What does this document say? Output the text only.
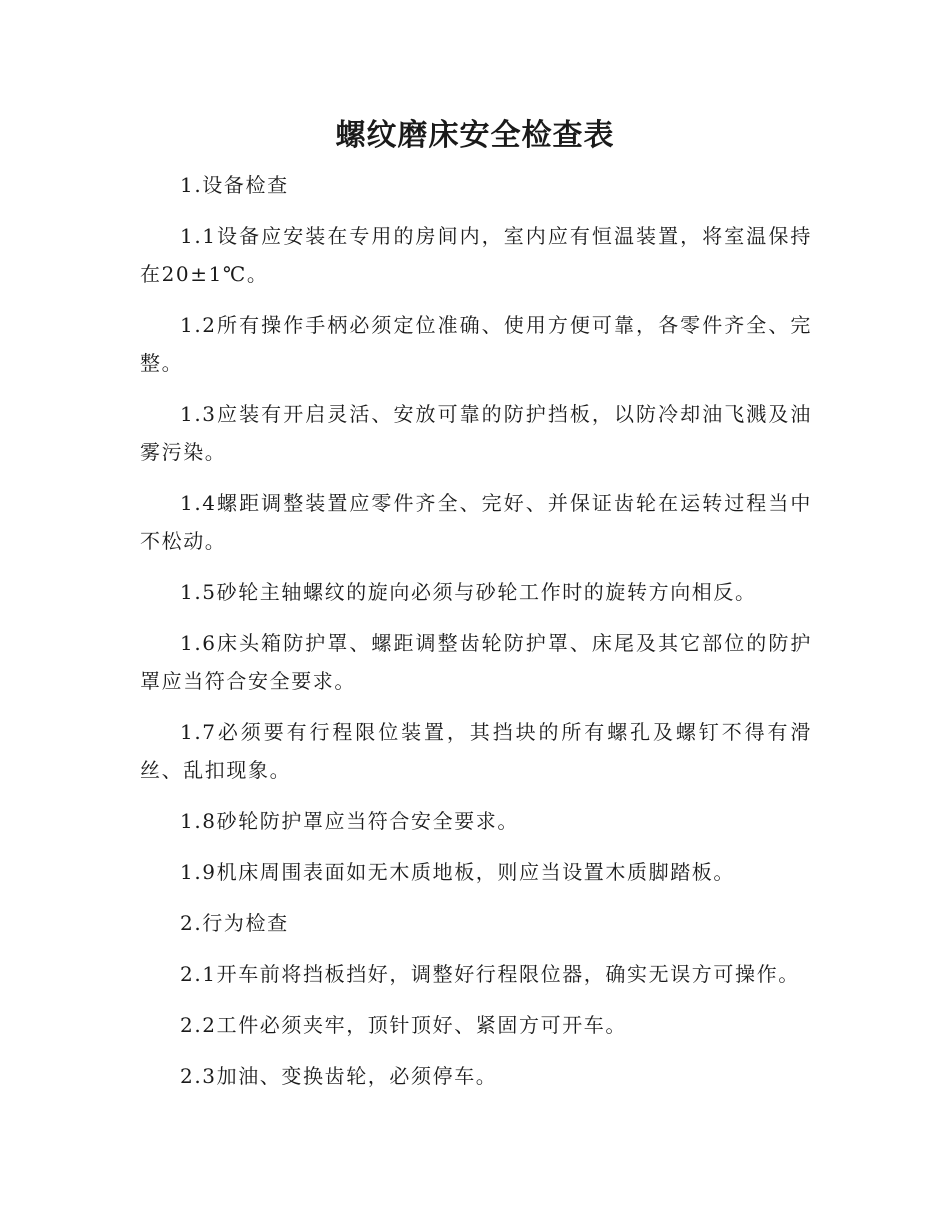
螺纹磨床安全检查表

1.设备检查

1.1设备应安装在专用的房间内，室内应有恒温装置，将室温保持在20±1℃。

1.2所有操作手柄必须定位准确、使用方便可靠，各零件齐全、完整。

1.3应装有开启灵活、安放可靠的防护挡板，以防冷却油飞溅及油雾污染。

1.4螺距调整装置应零件齐全、完好、并保证齿轮在运转过程当中不松动。

1.5砂轮主轴螺纹的旋向必须与砂轮工作时的旋转方向相反。

1.6床头箱防护罩、螺距调整齿轮防护罩、床尾及其它部位的防护罩应当符合安全要求。

1.7必须要有行程限位装置，其挡块的所有螺孔及螺钉不得有滑丝、乱扣现象。

1.8砂轮防护罩应当符合安全要求。

1.9机床周围表面如无木质地板，则应当设置木质脚踏板。

2.行为检查

2.1开车前将挡板挡好，调整好行程限位器，确实无误方可操作。

2.2工件必须夹牢，顶针顶好、紧固方可开车。

2.3加油、变换齿轮，必须停车。
